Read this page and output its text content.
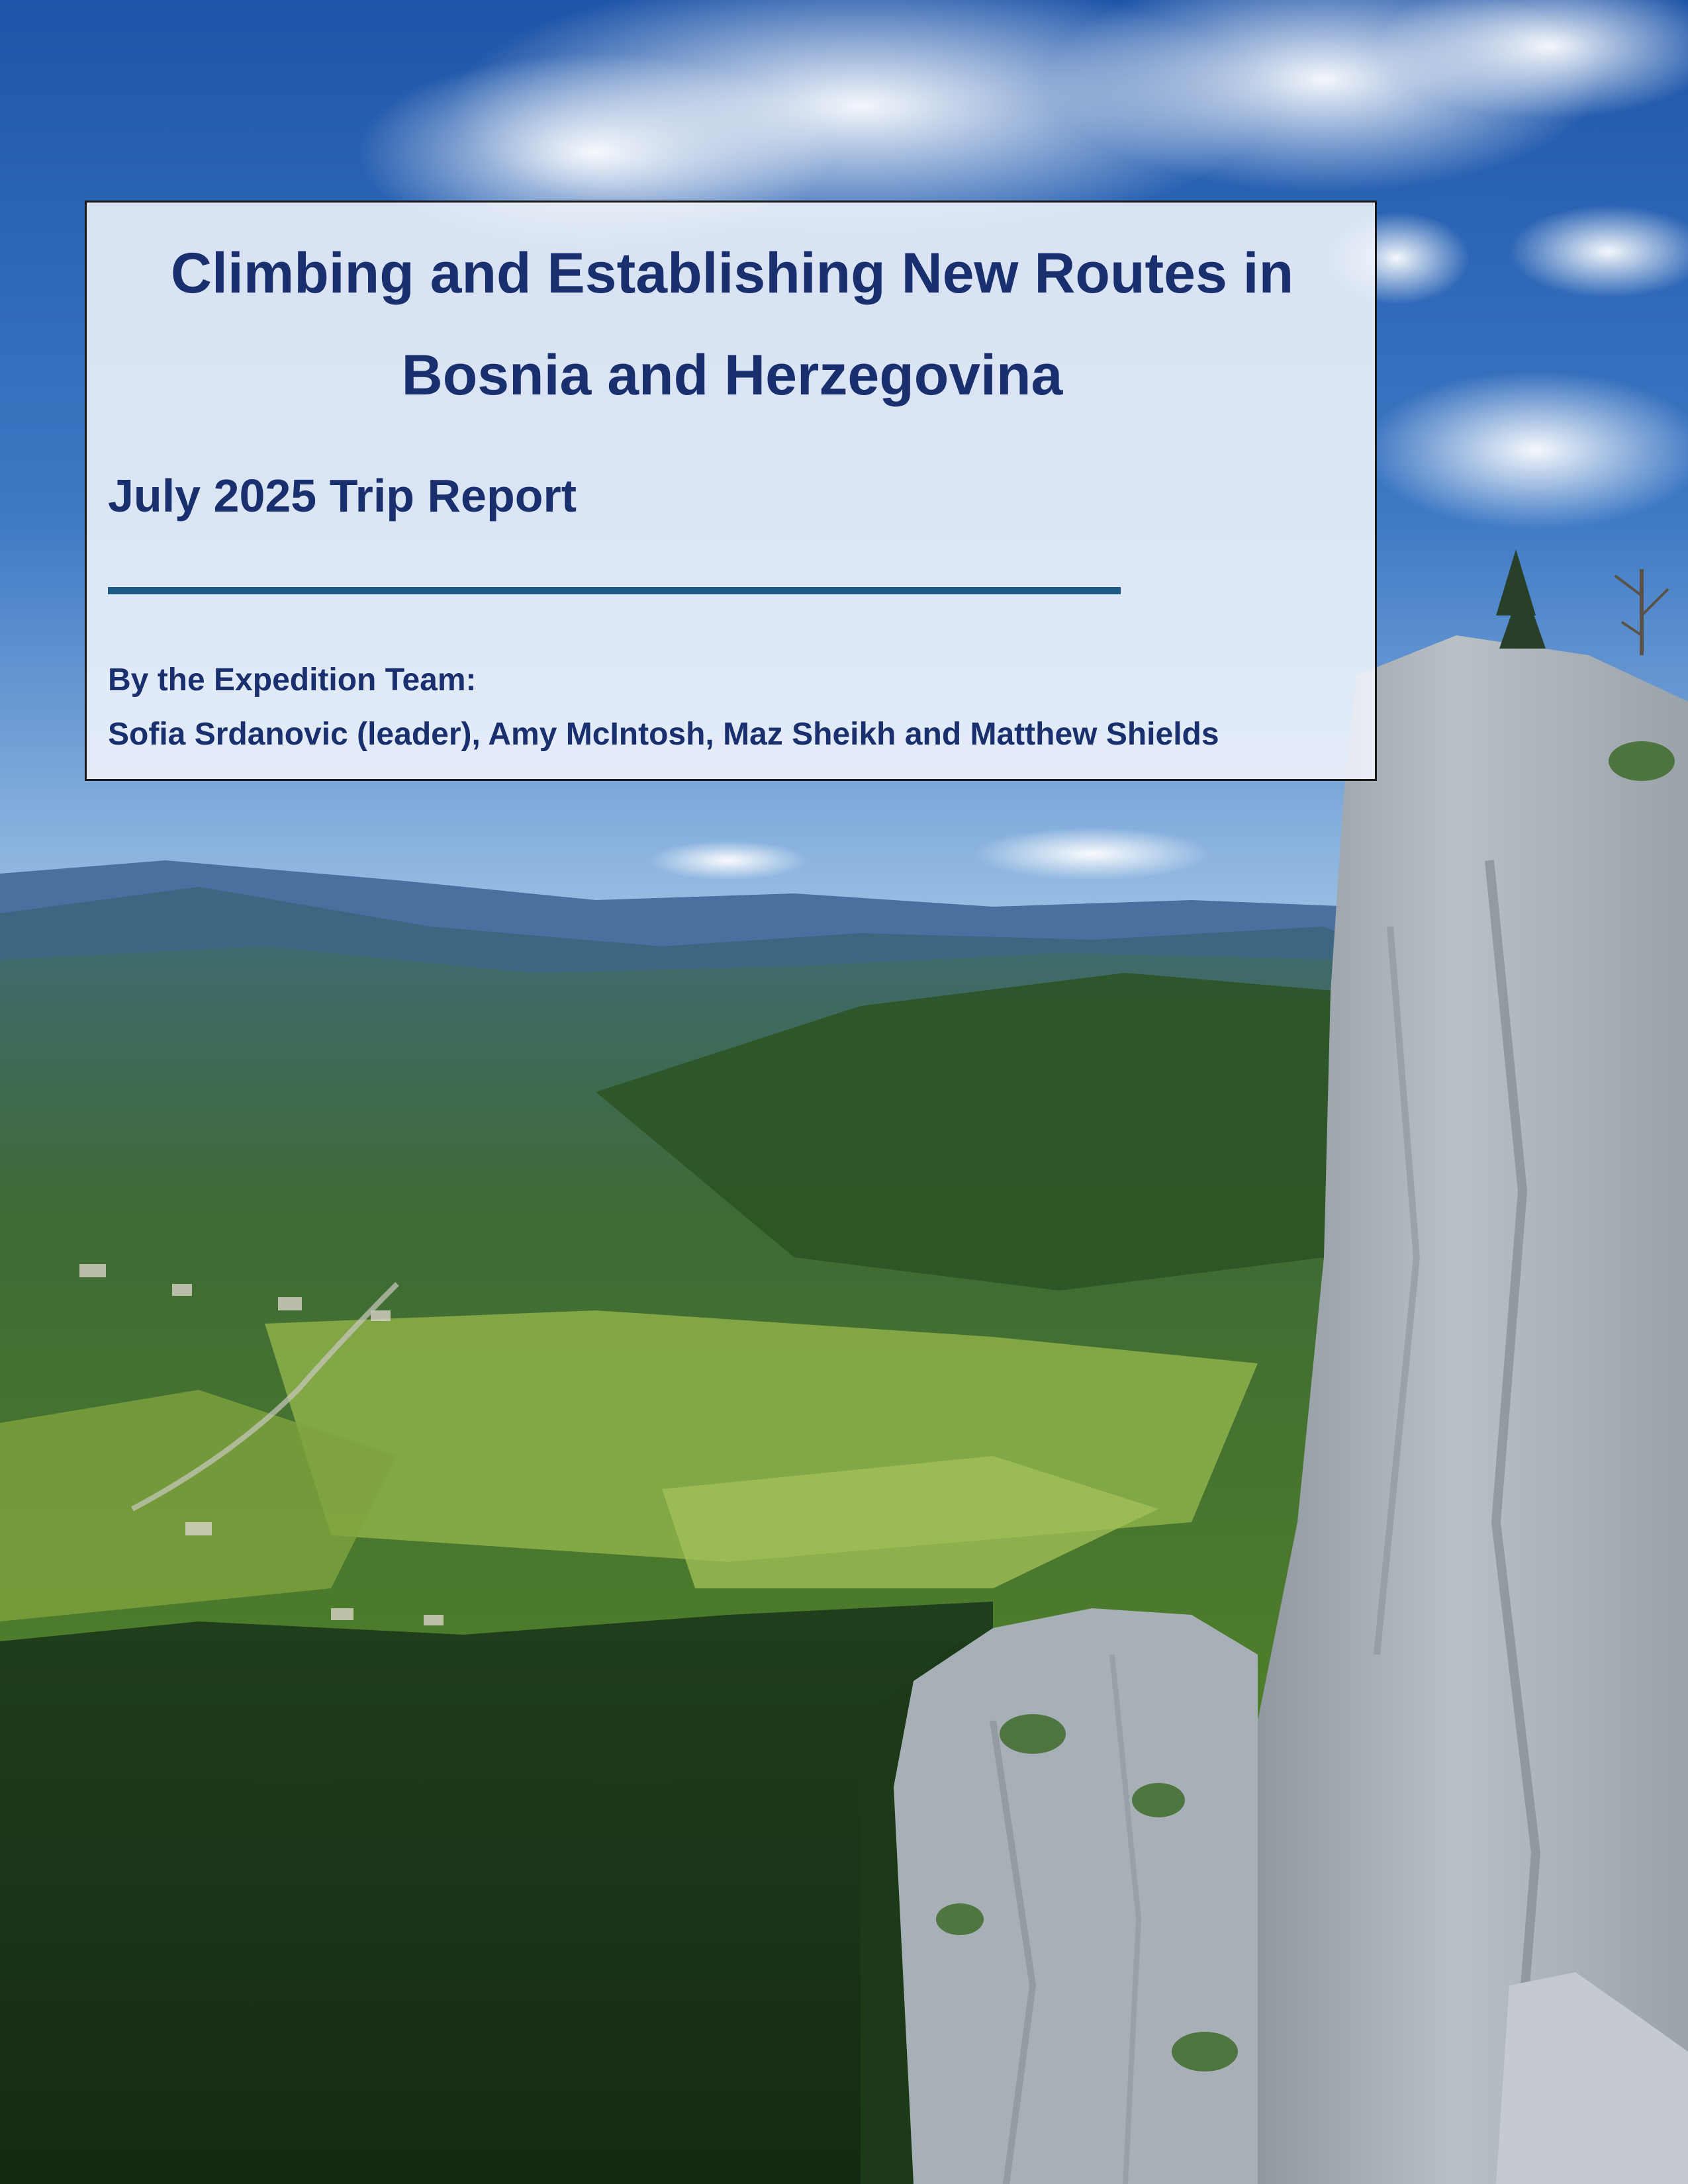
Climbing and Establishing New Routes in Bosnia and Herzegovina
July 2025 Trip Report

By the Expedition Team:

Sofia Srdanovic (leader), Amy McIntosh, Maz Sheikh and Matthew Shields
